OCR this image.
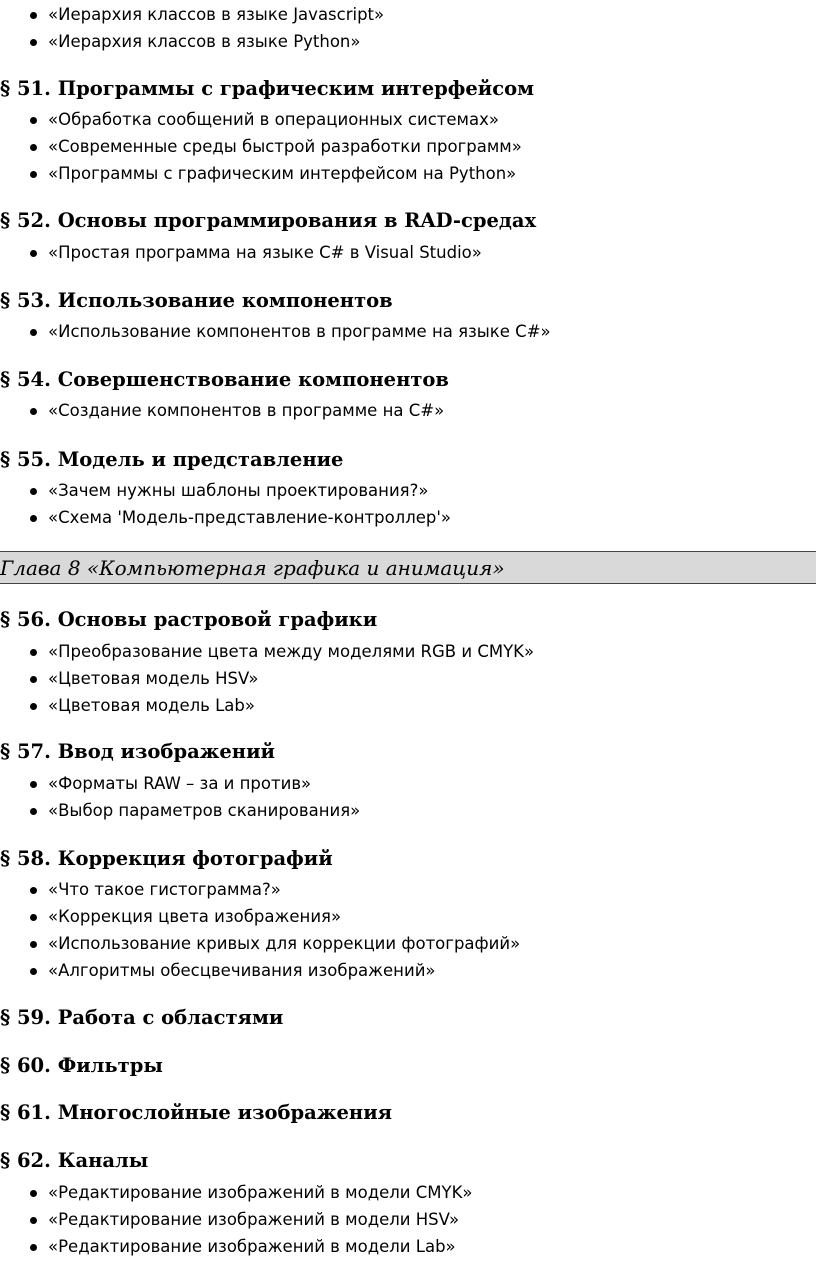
«Иерархия классов в языке Javascript»
«Иерархия классов в языке Python»
§ 51. Программы с графическим интерфейсом
«Обработка сообщений в операционных системах»
«Современные среды быстрой разработки программ»
«Программы с графическим интерфейсом на Python»
§ 52. Основы программирования в RAD-средах
«Простая программа на языке C# в Visual Studio»
§ 53. Использование компонентов
«Использование компонентов в программе на языке C#»
§ 54. Совершенствование компонентов
«Создание компонентов в программе на C#»
§ 55. Модель и представление
«Зачем нужны шаблоны проектирования?»
«Схема 'Модель-представление-контроллер'»
Глава 8 «Компьютерная графика и анимация»
§ 56. Основы растровой графики
«Преобразование цвета между моделями RGB и CMYK»
«Цветовая модель HSV»
«Цветовая модель Lab»
§ 57. Ввод изображений
«Форматы RAW – за и против»
«Выбор параметров сканирования»
§ 58. Коррекция фотографий
«Что такое гистограмма?»
«Коррекция цвета изображения»
«Использование кривых для коррекции фотографий»
«Алгоритмы обесцвечивания изображений»
§ 59. Работа с областями
§ 60. Фильтры
§ 61. Многослойные изображения
§ 62. Каналы
«Редактирование изображений в модели CMYK»
«Редактирование изображений в модели HSV»
«Редактирование изображений в модели Lab»
